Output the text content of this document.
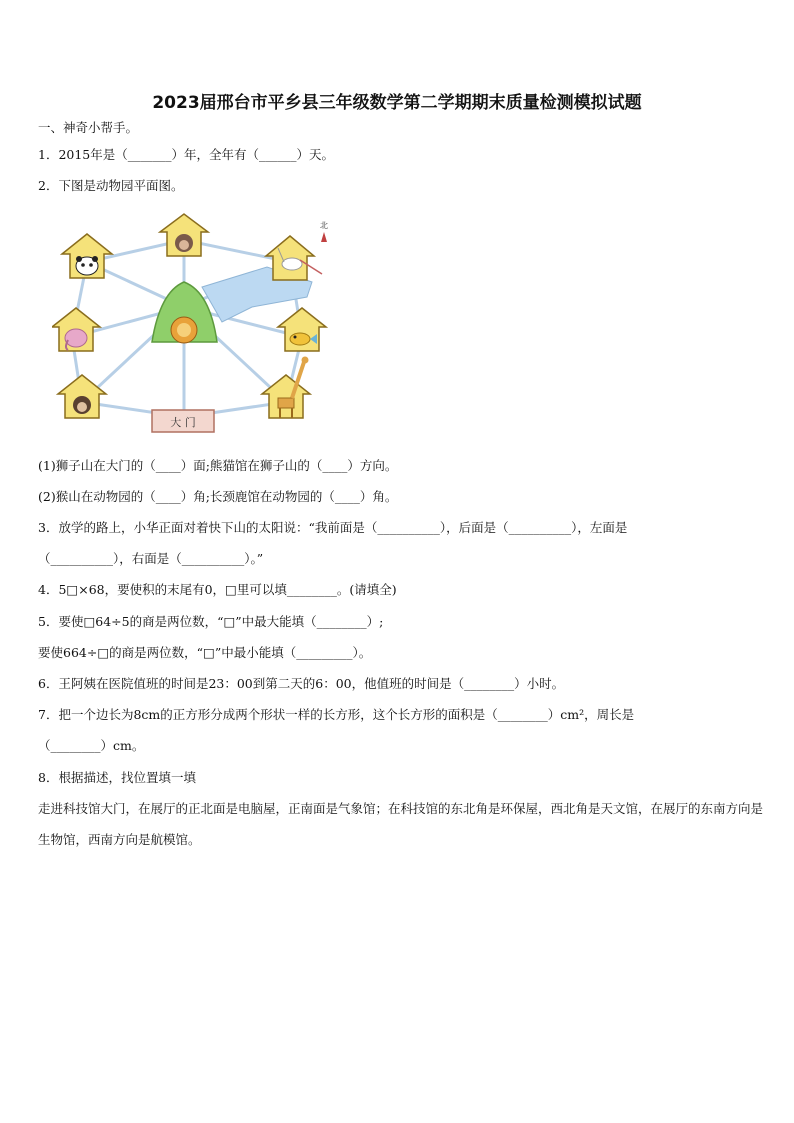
2023届邢台市平乡县三年级数学第二学期期末质量检测模拟试题
一、神奇小帮手。
1．2015年是（_______）年，全年有（______）天。
2．下图是动物园平面图。
大 门
北
(1)狮子山在大门的（____）面;熊猫馆在狮子山的（____）方向。
(2)猴山在动物园的（____）角;长颈鹿馆在动物园的（____）角。
3．放学的路上，小华正面对着快下山的太阳说：“我前面是（__________），后面是（__________），左面是
（__________），右面是（__________）。”
4．5□×68，要使积的末尾有0，□里可以填________。(请填全)
5．要使□64÷5的商是两位数，“□”中最大能填（________）;
要使664÷□的商是两位数，“□”中最小能填（_________）。
6．王阿姨在医院值班的时间是23：00到第二天的6：00，他值班的时间是（________）小时。
7．把一个边长为8cm的正方形分成两个形状一样的长方形，这个长方形的面积是（________）cm²，周长是
（________）cm。
8．根据描述，找位置填一填
走进科技馆大门，在展厅的正北面是电脑屋，正南面是气象馆；在科技馆的东北角是环保屋，西北角是天文馆，在展厅的东南方向是生物馆，西南方向是航模馆。
